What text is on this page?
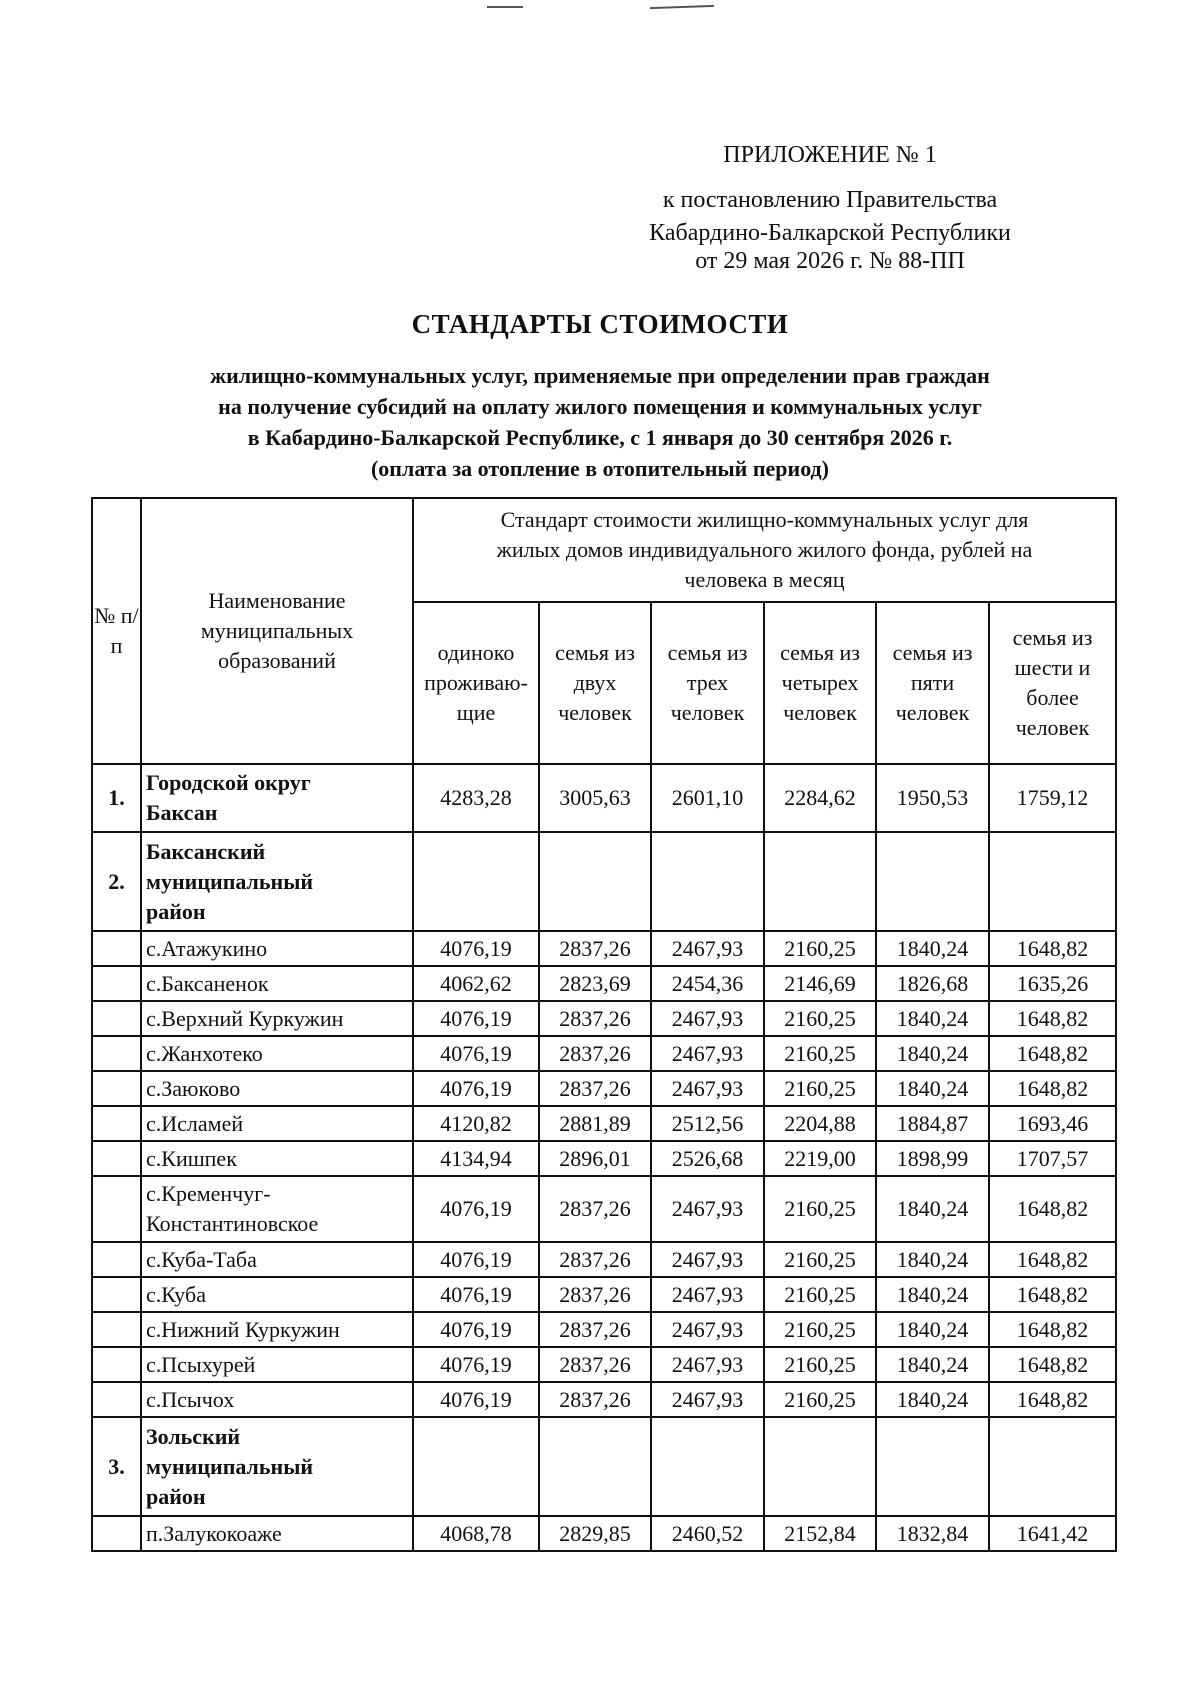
ПРИЛОЖЕНИЕ № 1
к постановлению Правительства
Кабардино-Балкарской Республики
от 29 мая 2026 г. № 88-ПП
СТАНДАРТЫ СТОИМОСТИ
жилищно-коммунальных услуг, применяемые при определении прав граждан
на получение субсидий на оплату жилого помещения и коммунальных услуг
в Кабардино-Балкарской Республике, с 1 января до 30 сентября 2026 г.
(оплата за отопление в отопительный период)
№ п/п	Наименование муниципальных образований	Стандарт стоимости жилищно-коммунальных услуг для жилых домов индивидуального жилого фонда, рублей на человека в месяц					

		одиноко проживаю-щие	семья из двух человек	семья из трех человек	семья из четырех человек	семья из пяти человек	семья из шести и более человек

1.	Городской округ Баксан	4283,28	3005,63	2601,10	2284,62	1950,53	1759,12
2.	Баксанский муниципальный район						

	с.Атажукино	4076,19	2837,26	2467,93	2160,25	1840,24	1648,82

	с.Баксаненок	4062,62	2823,69	2454,36	2146,69	1826,68	1635,26

	с.Верхний Куркужин	4076,19	2837,26	2467,93	2160,25	1840,24	1648,82

	с.Жанхотеко	4076,19	2837,26	2467,93	2160,25	1840,24	1648,82

	с.Заюково	4076,19	2837,26	2467,93	2160,25	1840,24	1648,82

	с.Исламей	4120,82	2881,89	2512,56	2204,88	1884,87	1693,46

	с.Кишпек	4134,94	2896,01	2526,68	2219,00	1898,99	1707,57

	с.Кременчуг-Константиновское	4076,19	2837,26	2467,93	2160,25	1840,24	1648,82

	с.Куба-Таба	4076,19	2837,26	2467,93	2160,25	1840,24	1648,82

	с.Куба	4076,19	2837,26	2467,93	2160,25	1840,24	1648,82

	с.Нижний Куркужин	4076,19	2837,26	2467,93	2160,25	1840,24	1648,82

	с.Псыхурей	4076,19	2837,26	2467,93	2160,25	1840,24	1648,82

	с.Псычох	4076,19	2837,26	2467,93	2160,25	1840,24	1648,82
3.	Зольский муниципальный район						

	п.Залукокоаже	4068,78	2829,85	2460,52	2152,84	1832,84	1641,42
